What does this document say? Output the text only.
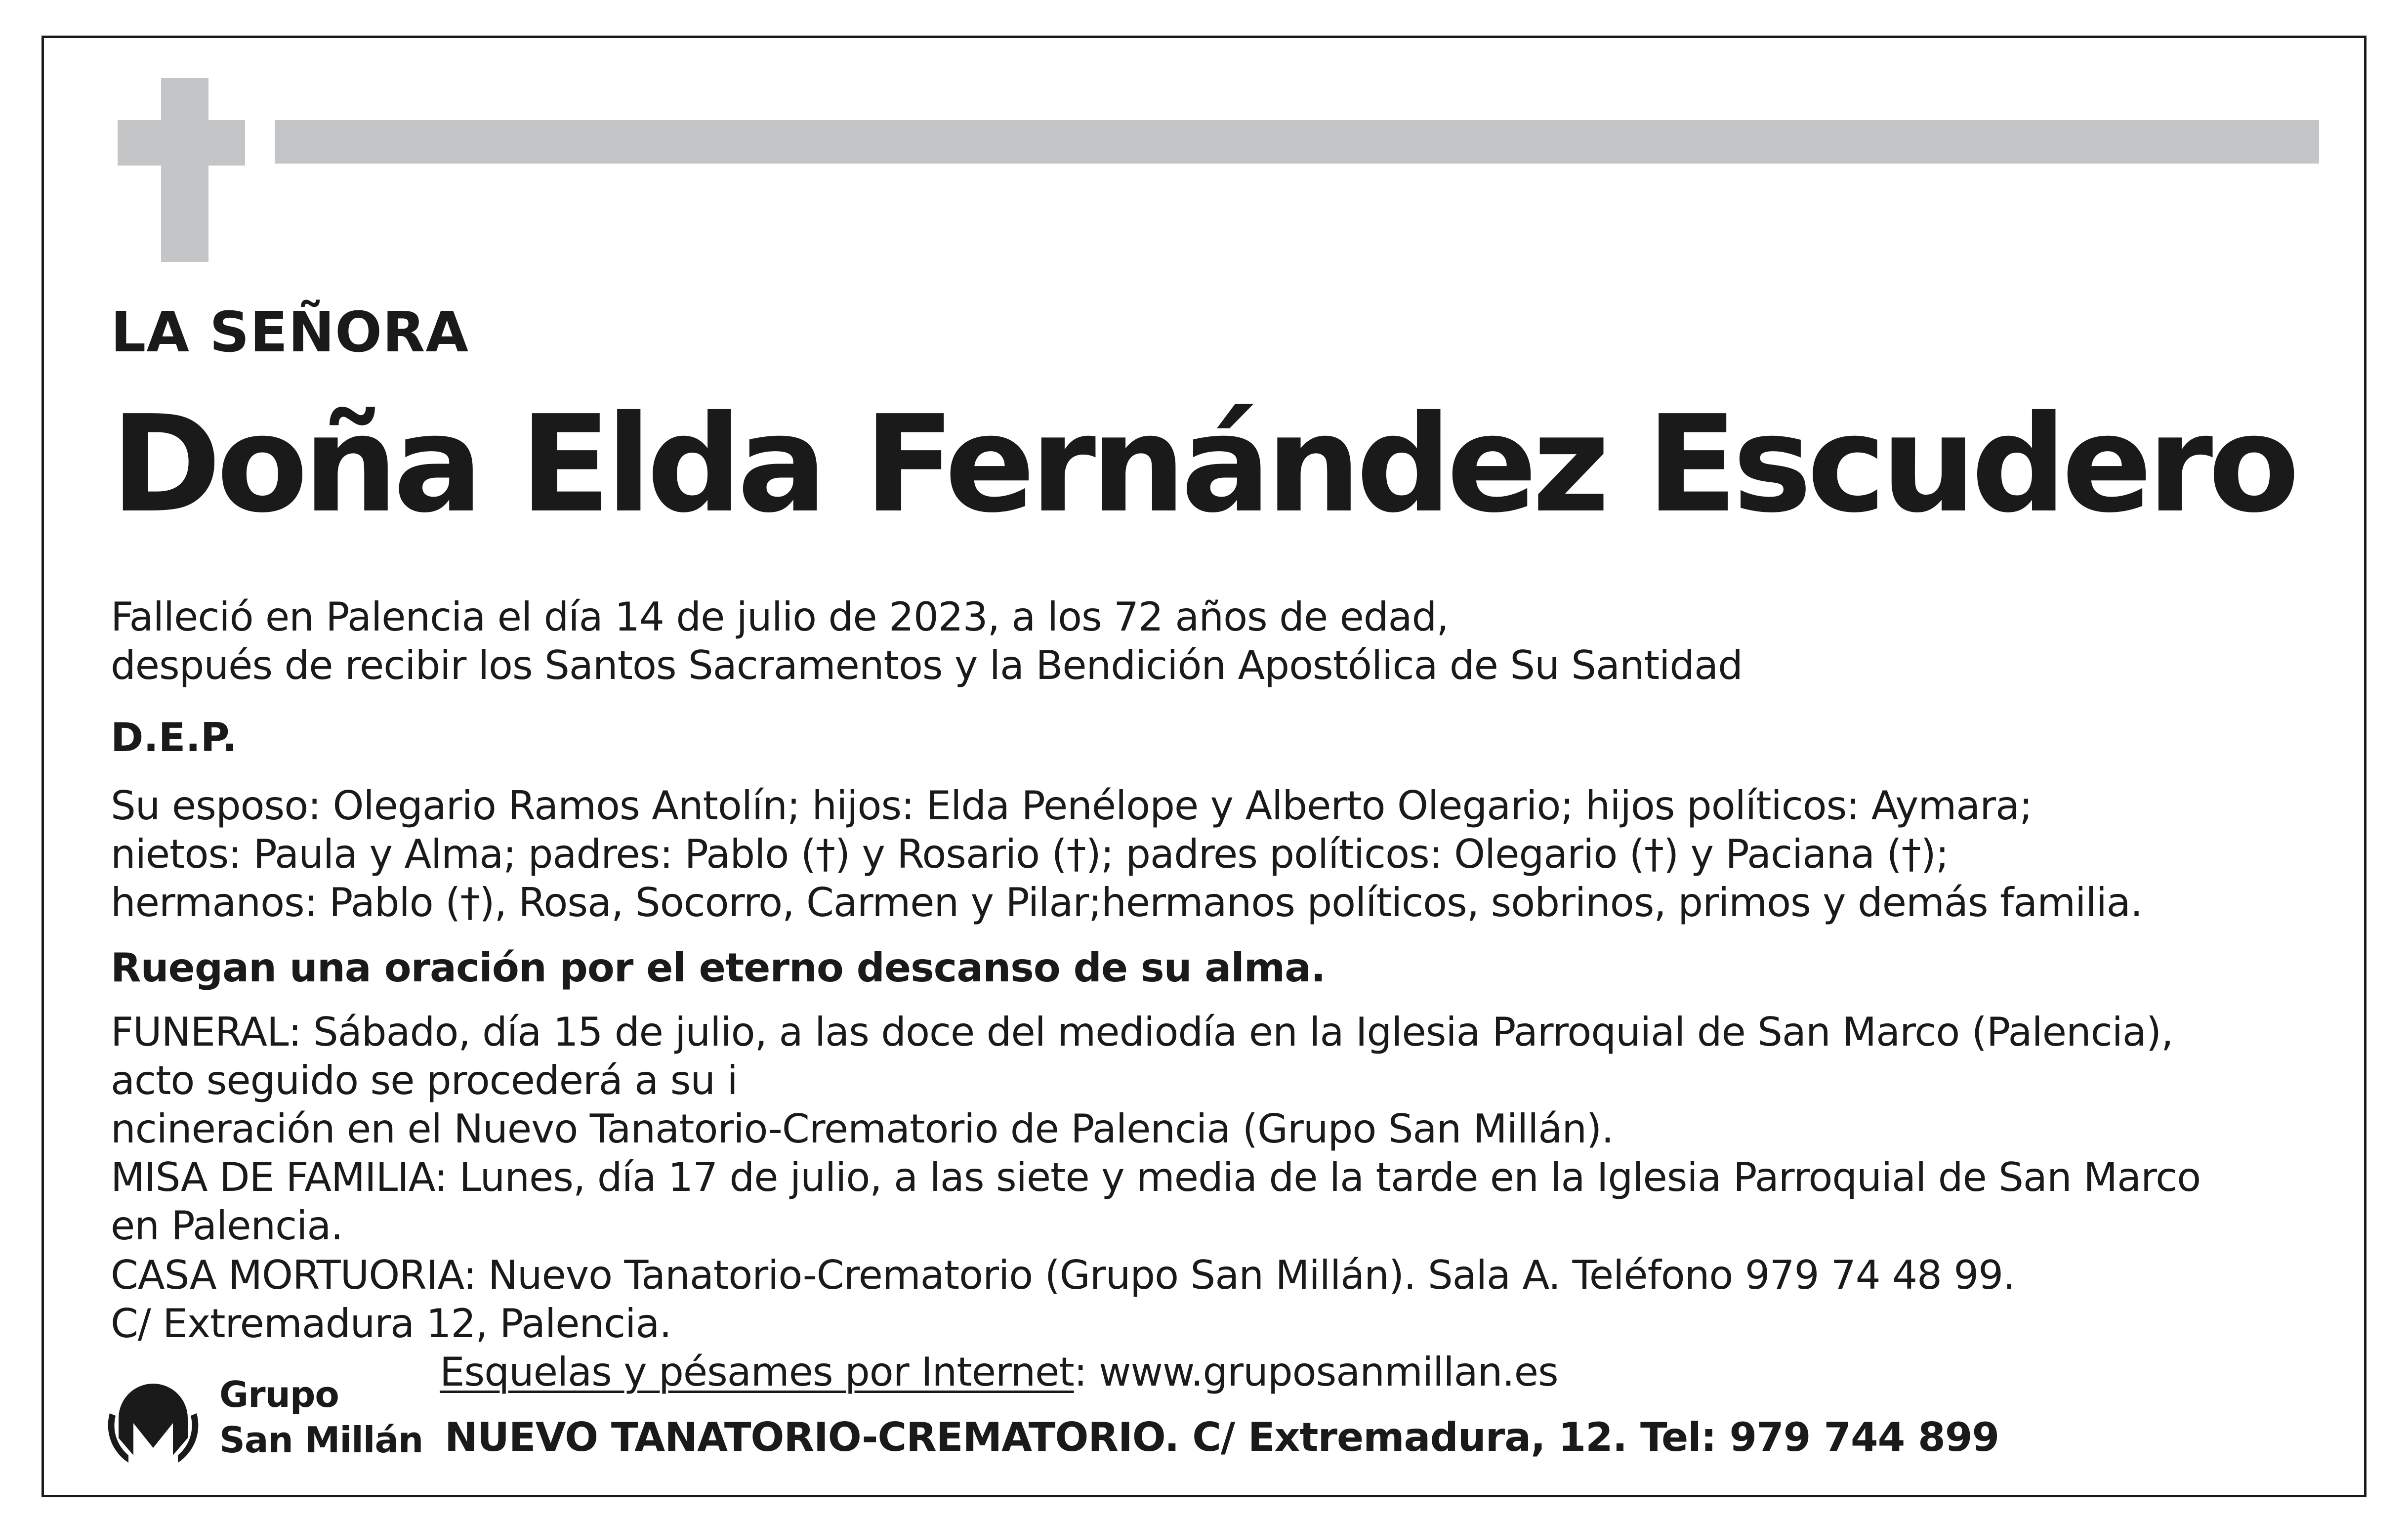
LA SEÑORA
Doña Elda Fernández Escudero
Falleció en Palencia el día 14 de julio de 2023, a los 72 años de edad,
después de recibir los Santos Sacramentos y la Bendición Apostólica de Su Santidad
D.E.P.
Su esposo: Olegario Ramos Antolín; hijos: Elda Penélope y Alberto Olegario; hijos políticos: Aymara;
nietos: Paula y Alma; padres: Pablo (†) y Rosario (†); padres políticos: Olegario (†) y Paciana (†);
hermanos: Pablo (†), Rosa, Socorro, Carmen y Pilar;hermanos políticos, sobrinos, primos y demás familia.
Ruegan una oración por el eterno descanso de su alma.
FUNERAL: Sábado, día 15 de julio, a las doce del mediodía en la Iglesia Parroquial de San Marco (Palencia),
acto seguido se procederá a su i
ncineración en el Nuevo Tanatorio-Crematorio de Palencia (Grupo San Millán).
MISA DE FAMILIA: Lunes, día 17 de julio, a las siete y media de la tarde en la Iglesia Parroquial de San Marco
en Palencia.
CASA MORTUORIA: Nuevo Tanatorio-Crematorio (Grupo San Millán). Sala A. Teléfono 979 74 48 99.
C/ Extremadura 12, Palencia.
Grupo
San Millán
Esquelas y pésames por Internet: www.gruposanmillan.es
NUEVO TANATORIO-CREMATORIO. C/ Extremadura, 12. Tel: 979 744 899
